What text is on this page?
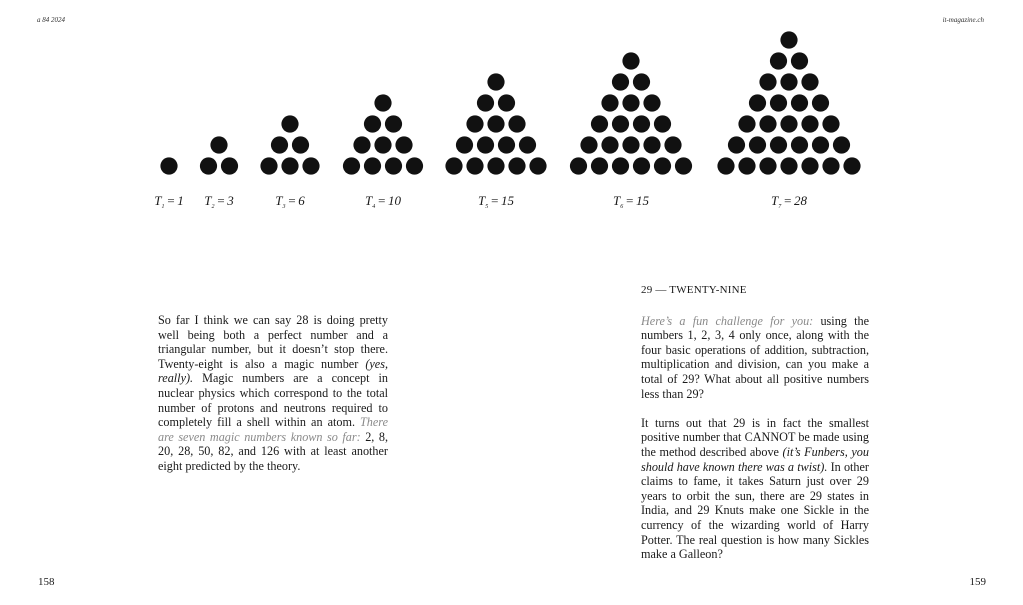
a 84 2024	it-magazine.ch
$T_1 = 1$ $T_2 = 3$	$T_3 = 6$	$T_4 = 10$	$T_5 = 15$	$T_6 = 15$	$T_7 = 28$

So far I think we can say 28 is doing pretty well being both a perfect number and a triangular number, but it doesn’t stop there. Twenty-eight is also a magic number (yes, really). Magic numbers are a concept in nuclear physics which correspond to the total number of protons and neutrons required to completely fill a shell within an atom. There are seven magic numbers known so far: 2, 8, 20, 28, 50, 82, and 126 with at least another eight predicted by the theory.

29 — TWENTY-NINE

Here’s a fun challenge for you: using the numbers 1, 2, 3, 4 only once, along with the four basic operations of addition, subtraction, multiplication and division, can you make a total of 29? What about all positive numbers less than 29?

It turns out that 29 is in fact the smallest positive number that CANNOT be made using the method described above (it’s Funbers, you should have known there was a twist). In other claims to fame, it takes Saturn just over 29 years to orbit the sun, there are 29 states in India, and 29 Knuts make one Sickle in the currency of the wizarding world of Harry Potter. The real question is how many Sickles make a Galleon?

158	159
